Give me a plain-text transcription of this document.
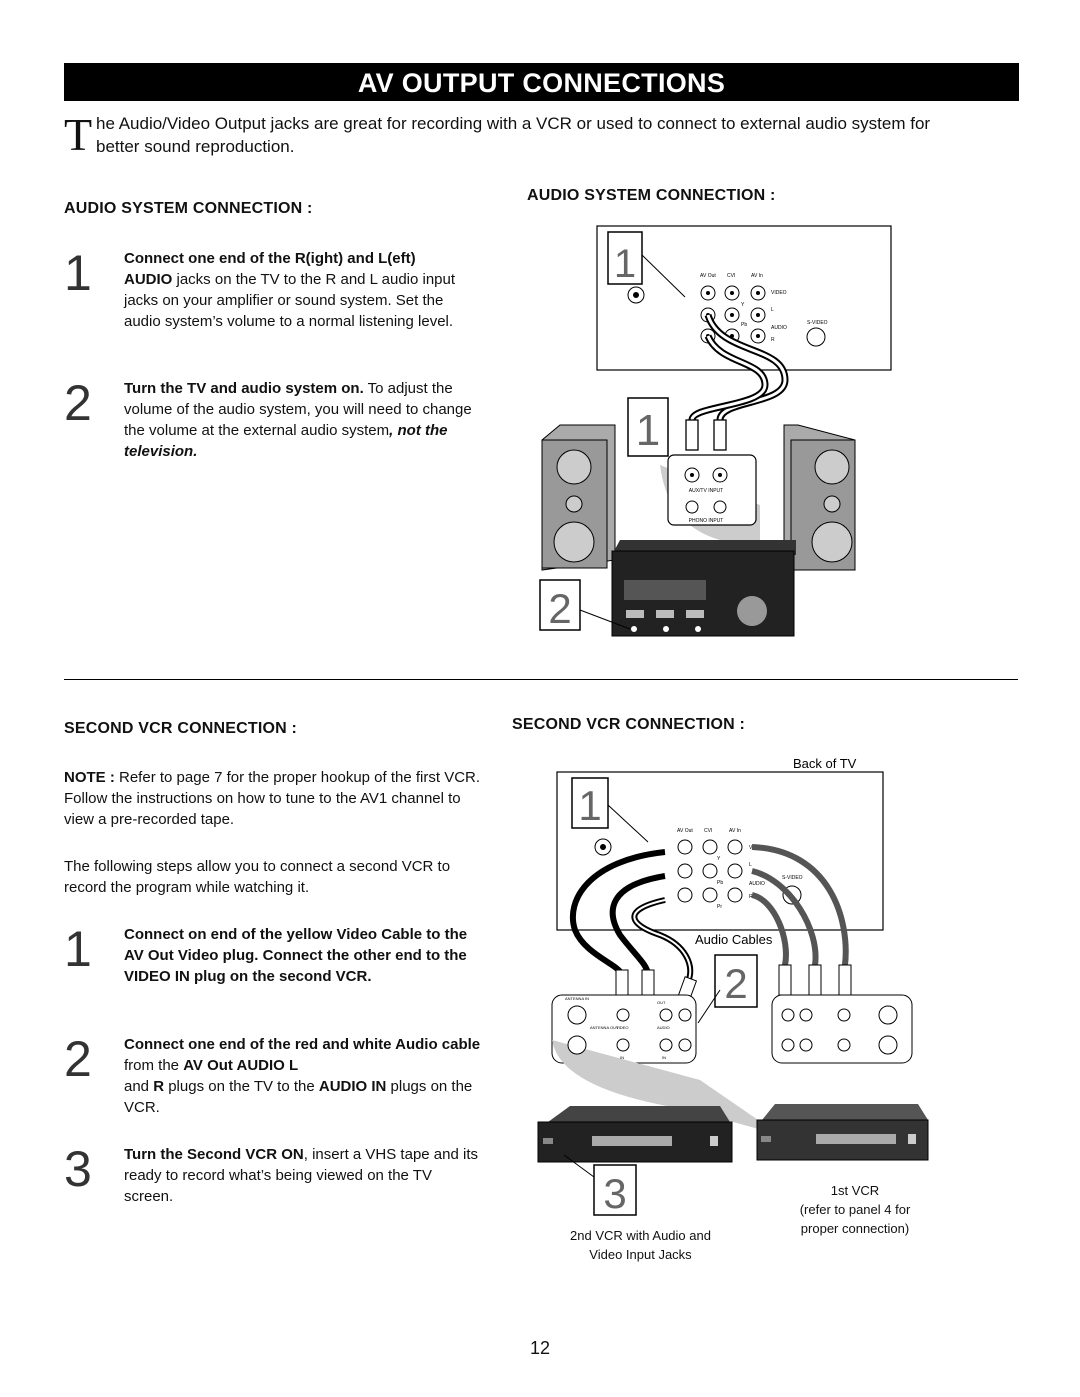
AV OUTPUT CONNECTIONS
T he Audio/Video Output jacks are great for recording with a VCR or used to connect to external audio system for
better sound reproduction.
AUDIO SYSTEM CONNECTION :
AUDIO SYSTEM CONNECTION :
1 Connect one end of the R(ight) and L(eft)
AUDIO jacks on the TV to the R and L audio input jacks on your amplifier or sound system. Set the audio system’s volume to a normal listening level.
2 Turn the TV and audio system on. To adjust the volume of the audio system, you will need to change the volume at the external audio system, not the television.
1	AV Out CVI	AV In
VIDEO
Y
L
Pb	AUDIO
S-VIDEO
R
1
AUX/TV INPUT
PHONO INPUT
2
SECOND VCR CONNECTION :	SECOND VCR CONNECTION :
NOTE : Refer to page 7 for the proper hookup of the first VCR. Follow the instructions on how to tune to the AV1 channel to view a pre-recorded tape.
The following steps allow you to connect a second VCR to record the program while watching it.
1 Connect on end of the yellow Video Cable to the AV Out Video plug. Connect the other end to the VIDEO IN plug on the second VCR.
2 Connect one end of the red and white Audio cable from the AV Out AUDIO L
and R plugs on the TV to the AUDIO IN plugs on the VCR.
3 Turn the Second VCR ON, insert a VHS tape and its ready to record what’s being viewed on the TV screen.
Back of TV
1
AV Out CVI	AV In
VIDEO
Y
L
Pb	AUDIO
S-VIDEO
R
Pr
Audio Cables
2
ANTENNA IN
ANTENNA OUT
OUT
VIDEO	AUDIO
IN	IN
3
2nd VCR with Audio and
Video Input Jacks
1st VCR
(refer to panel 4 for
proper connection)
12
